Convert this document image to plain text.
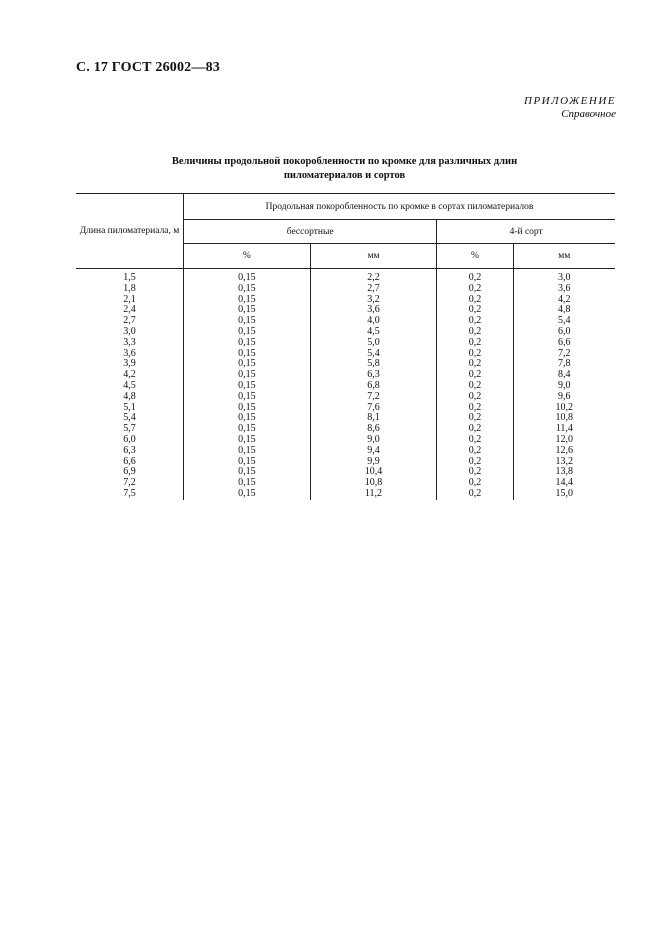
С. 17 ГОСТ 26002—83
ПРИЛОЖЕНИЕ
Справочное
Величины продольной покоробленности по кромке для различных длин
пиломатериалов и сортов
Длина пиломатериала, м	Продольная покоробленность по кромке в сортах пиломатериалов			
	бессортные		4-й сорт	
	%	мм	%	мм
1,5	0,15	2,2	0,2	3,0
1,8	0,15	2,7	0,2	3,6
2,1	0,15	3,2	0,2	4,2
2,4	0,15	3,6	0,2	4,8
2,7	0,15	4,0	0,2	5,4
3,0	0,15	4,5	0,2	6,0
3,3	0,15	5,0	0,2	6,6
3,6	0,15	5,4	0,2	7,2
3,9	0,15	5,8	0,2	7,8
4,2	0,15	6,3	0,2	8,4
4,5	0,15	6,8	0,2	9,0
4,8	0,15	7,2	0,2	9,6
5,1	0,15	7,6	0,2	10,2
5,4	0,15	8,1	0,2	10,8
5,7	0,15	8,6	0,2	11,4
6,0	0,15	9,0	0,2	12,0
6,3	0,15	9,4	0,2	12,6
6,6	0,15	9,9	0,2	13,2
6,9	0,15	10,4	0,2	13,8
7,2	0,15	10,8	0,2	14,4
7,5	0,15	11,2	0,2	15,0
